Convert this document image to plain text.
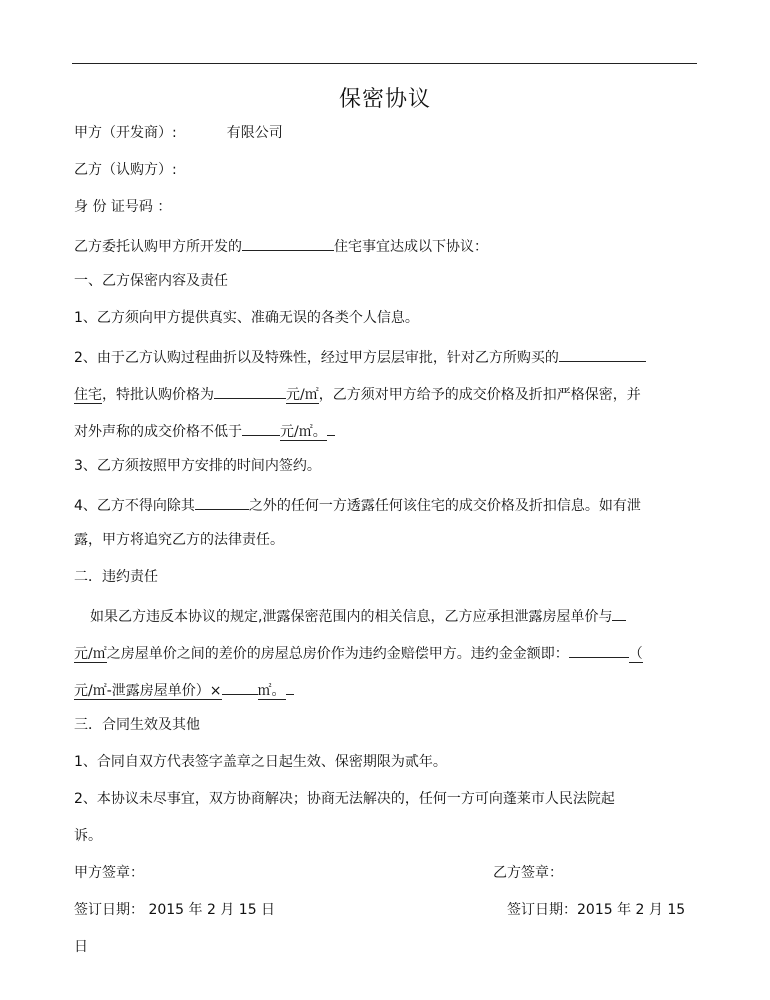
保密协议
甲方（开发商）:	有限公司
乙方（认购方）:
身 份 证号码 ：
乙方委托认购甲方所开发的	住宅事宜达成以下协议：
一、乙方保密内容及责任
1、乙方须向甲方提供真实、准确无误的各类个人信息。
2、由于乙方认购过程曲折以及特殊性，经过甲方层层审批，针对乙方所购买的
住宅，特批认购价格为	元/㎡，乙方须对甲方给予的成交价格及折扣严格保密，并
对外声称的成交价格不低于	元/㎡。
3、乙方须按照甲方安排的时间内签约。
4、乙方不得向除其	之外的任何一方透露任何该住宅的成交价格及折扣信息。如有泄
露，甲方将追究乙方的法律责任。
二．违约责任
如果乙方违反本协议的规定,泄露保密范围内的相关信息，乙方应承担泄露房屋单价与
元/㎡之房屋单价之间的差价的房屋总房价作为违约金赔偿甲方。违约金金额即：	（
元/㎡-泄露房屋单价）×	㎡。
三．合同生效及其他
1、合同自双方代表签字盖章之日起生效、保密期限为贰年。
2、本协议未尽事宜，双方协商解决；协商无法解决的，任何一方可向蓬莱市人民法院起
诉。
甲方签章：	乙方签章：
签订日期： 2015 年 2 月 15 日	签订日期：2015 年 2 月 15
日
